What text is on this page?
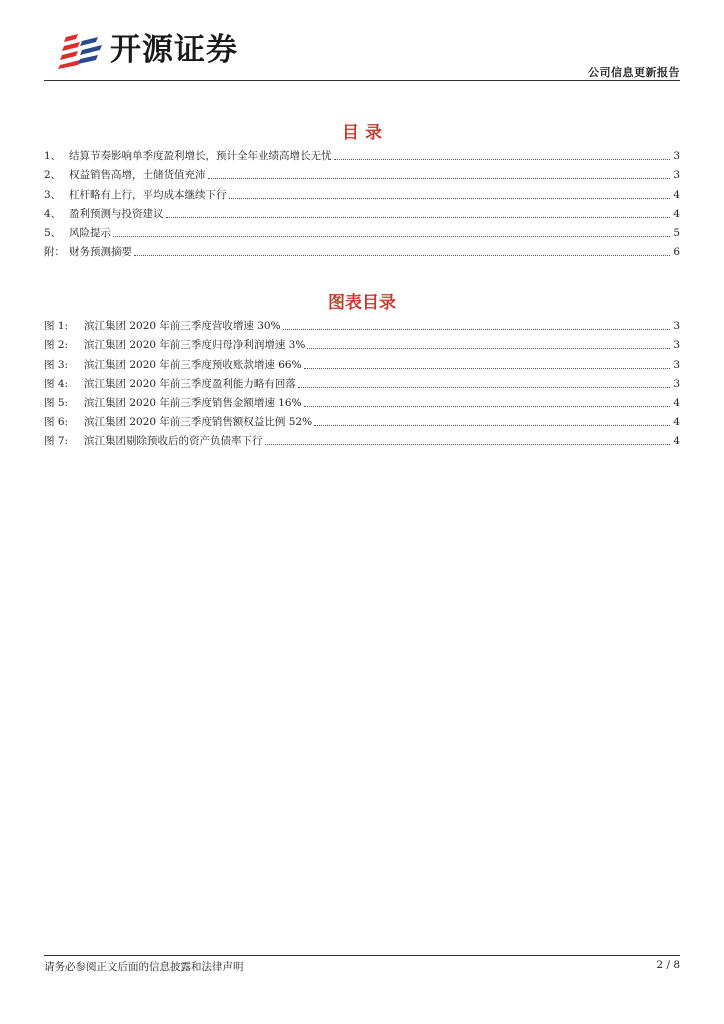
开源证券
公司信息更新报告
目 录
1、 结算节奏影响单季度盈利增长，预计全年业绩高增长无忧	3
2、 权益销售高增，土储货值充沛	3
3、 杠杆略有上行，平均成本继续下行	4
4、 盈利预测与投资建议	4
5、 风险提示	5
附： 财务预测摘要	6
图表目录
图 1:	滨江集团 2020 年前三季度营收增速 30%	3
图 2:	滨江集团 2020 年前三季度归母净利润增速 3%	3
图 3:	滨江集团 2020 年前三季度预收账款增速 66%	3
图 4:	滨江集团 2020 年前三季度盈利能力略有回落	3
图 5:	滨江集团 2020 年前三季度销售金额增速 16%	4
图 6:	滨江集团 2020 年前三季度销售额权益比例 52%	4
图 7:	滨江集团剔除预收后的资产负债率下行	4
请务必参阅正文后面的信息披露和法律声明	2 / 8
